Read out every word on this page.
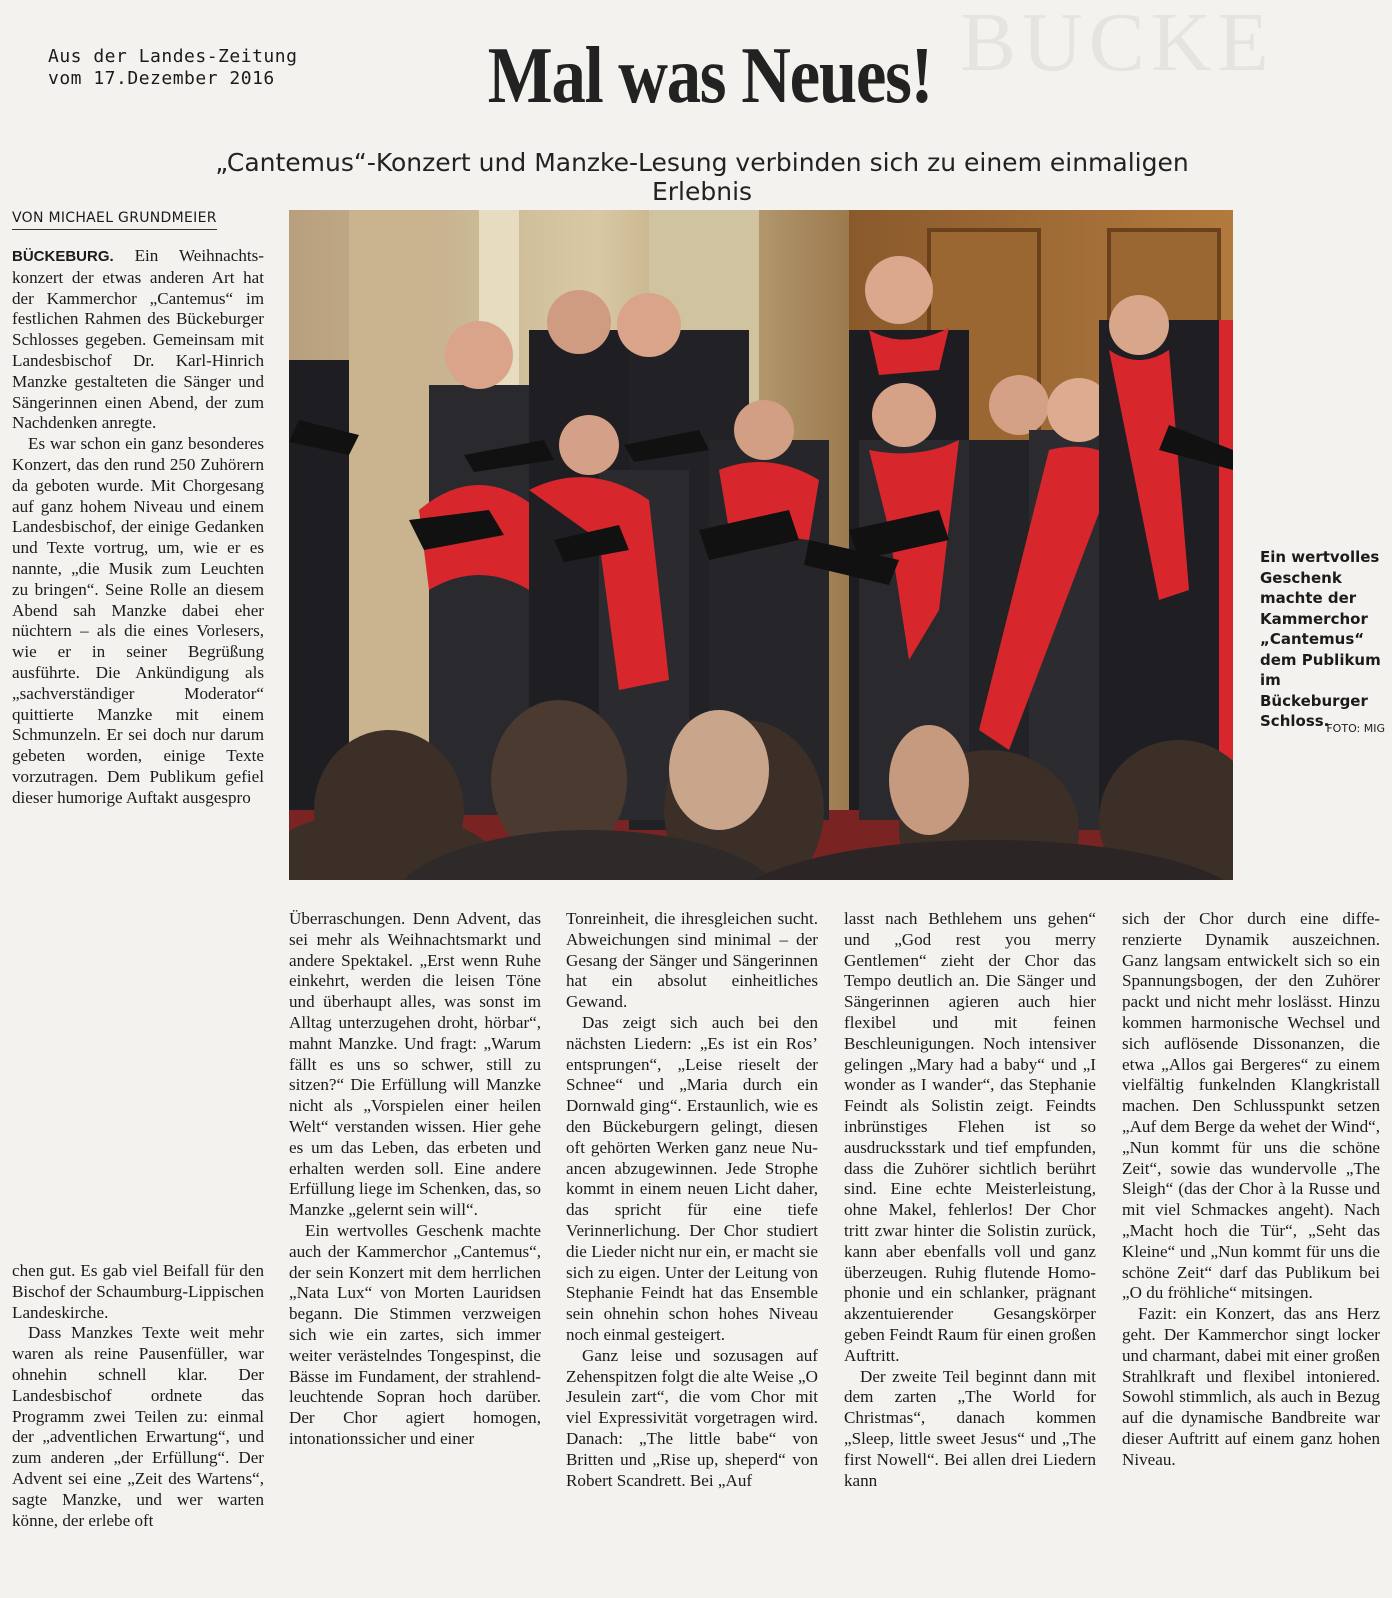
Aus der Landes-Zeitung
vom 17.Dezember 2016	BUCKE
Mal was Neues!
„Cantemus“-Konzert und Manzke-Lesung verbinden sich zu einem einmaligen Erlebnis
VON MICHAEL GRUNDMEIER

BÜCKEBURG. Ein Weihnachtskonzert der etwas anderen Art hat der Kammerchor „Cantemus“ im festlichen Rahmen des Bückeburger Schlosses gegeben. Gemeinsam mit Landesbischof Dr. Karl-Hinrich Manzke gestalteten die Sänger und Sängerinnen einen Abend, der zum Nachdenken anregte.

Es war schon ein ganz besonderes Konzert, das den rund 250 Zuhörern da geboten wurde. Mit Chorgesang auf ganz hohem Niveau und einem Landesbischof, der einige Gedanken und Texte vortrug, um, wie er es nannte, „die Musik zum Leuchten zu bringen“. Seine Rolle an diesem Abend sah Manzke dabei eher nüchtern – als die eines Vorlesers, wie er in seiner Begrüßung ausführte. Die Ankündigung als „sachverständiger Moderator“ quittierte Manzke mit einem Schmunzeln. Er sei doch nur darum gebeten worden, einige Texte vorzutragen. Dem Publikum gefiel dieser humorige Auftakt ausgespro

Ein wertvolles Geschenk machte der Kammerchor „Cantemus“ dem Publikum im Bückeburger Schloss.
FOTO: MIG

chen gut. Es gab viel Beifall für den Bischof der Schaumburg-Lippischen Landeskirche.

Dass Manzkes Texte weit mehr waren als reine Pausenfüller, war ohnehin schnell klar. Der Landesbischof ordnete das Programm zwei Teilen zu: einmal der „adventlichen Erwartung“, und zum anderen „der Erfüllung“. Der Advent sei eine „Zeit des Wartens“, sagte Manzke, und wer warten könne, der erlebe oft

Überraschungen. Denn Advent, das sei mehr als Weihnachtsmarkt und andere Spektakel. „Erst wenn Ruhe einkehrt, werden die leisen Töne und überhaupt alles, was sonst im Alltag unterzugehen droht, hörbar“, mahnt Manzke. Und fragt: „Warum fällt es uns so schwer, still zu sitzen?“ Die Erfüllung will Manzke nicht als „Vorspielen einer heilen Welt“ verstanden wissen. Hier gehe es um das Leben, das erbeten und erhalten werden soll. Eine andere Erfüllung liege im Schenken, das, so Manzke „gelernt sein will“.

Ein wertvolles Geschenk machte auch der Kammerchor „Cantemus“, der sein Konzert mit dem herrlichen „Nata Lux“ von Morten Lauridsen begann. Die Stimmen verzweigen sich wie ein zartes, sich immer weiter verästelndes Tongespinst, die Bässe im Fundament, der strahlendleuchtende Sopran hoch darüber. Der Chor agiert homogen, intonationssicher und einer

Tonreinheit, die ihresgleichen sucht. Abweichungen sind minimal – der Gesang der Sänger und Sängerinnen hat ein absolut einheitliches Gewand.

Das zeigt sich auch bei den nächsten Liedern: „Es ist ein Ros’ entsprungen“, „Leise rieselt der Schnee“ und „Maria durch ein Dornwald ging“. Erstaunlich, wie es den Bückeburgern gelingt, diesen oft gehörten Werken ganz neue Nuancen abzugewinnen. Jede Strophe kommt in einem neuen Licht daher, das spricht für eine tiefe Verinnerlichung. Der Chor studiert die Lieder nicht nur ein, er macht sie sich zu eigen. Unter der Leitung von Stephanie Feindt hat das Ensemble sein ohnehin schon hohes Niveau noch einmal gesteigert.

Ganz leise und sozusagen auf Zehenspitzen folgt die alte Weise „O Jesulein zart“, die vom Chor mit viel Expressivität vorgetragen wird. Danach: „The little babe“ von Britten und „Rise up, sheperd“ von Robert Scandrett. Bei „Auf

lasst nach Bethlehem uns gehen“ und „God rest you merry Gentlemen“ zieht der Chor das Tempo deutlich an. Die Sänger und Sängerinnen agieren auch hier flexibel und mit feinen Beschleunigungen. Noch intensiver gelingen „Mary had a baby“ und „I wonder as I wander“, das Stephanie Feindt als Solistin zeigt. Feindts inbrünstiges Flehen ist so ausdrucksstark und tief empfunden, dass die Zuhörer sichtlich berührt sind. Eine echte Meisterleistung, ohne Makel, fehlerlos! Der Chor tritt zwar hinter die Solistin zurück, kann aber ebenfalls voll und ganz überzeugen. Ruhig flutende Homophonie und ein schlanker, prägnant akzentuierender Gesangskörper geben Feindt Raum für einen großen Auftritt.

Der zweite Teil beginnt dann mit dem zarten „The World for Christmas“, danach kommen „Sleep, little sweet Jesus“ und „The first Nowell“. Bei allen drei Liedern kann

sich der Chor durch eine differenzierte Dynamik auszeichnen. Ganz langsam entwickelt sich so ein Spannungsbogen, der den Zuhörer packt und nicht mehr loslässt. Hinzu kommen harmonische Wechsel und sich auflösende Dissonanzen, die etwa „Allos gai Bergeres“ zu einem vielfältig funkelnden Klangkristall machen. Den Schlusspunkt setzen „Auf dem Berge da wehet der Wind“, „Nun kommt für uns die schöne Zeit“, sowie das wundervolle „The Sleigh“ (das der Chor à la Russe und mit viel Schmackes angeht). Nach „Macht hoch die Tür“, „Seht das Kleine“ und „Nun kommt für uns die schöne Zeit“ darf das Publikum bei „O du fröhliche“ mitsingen.

Fazit: ein Konzert, das ans Herz geht. Der Kammerchor singt locker und charmant, dabei mit einer großen Strahlkraft und flexibel intoniered. Sowohl stimmlich, als auch in Bezug auf die dynamische Bandbreite war dieser Auftritt auf einem ganz hohen Niveau.
